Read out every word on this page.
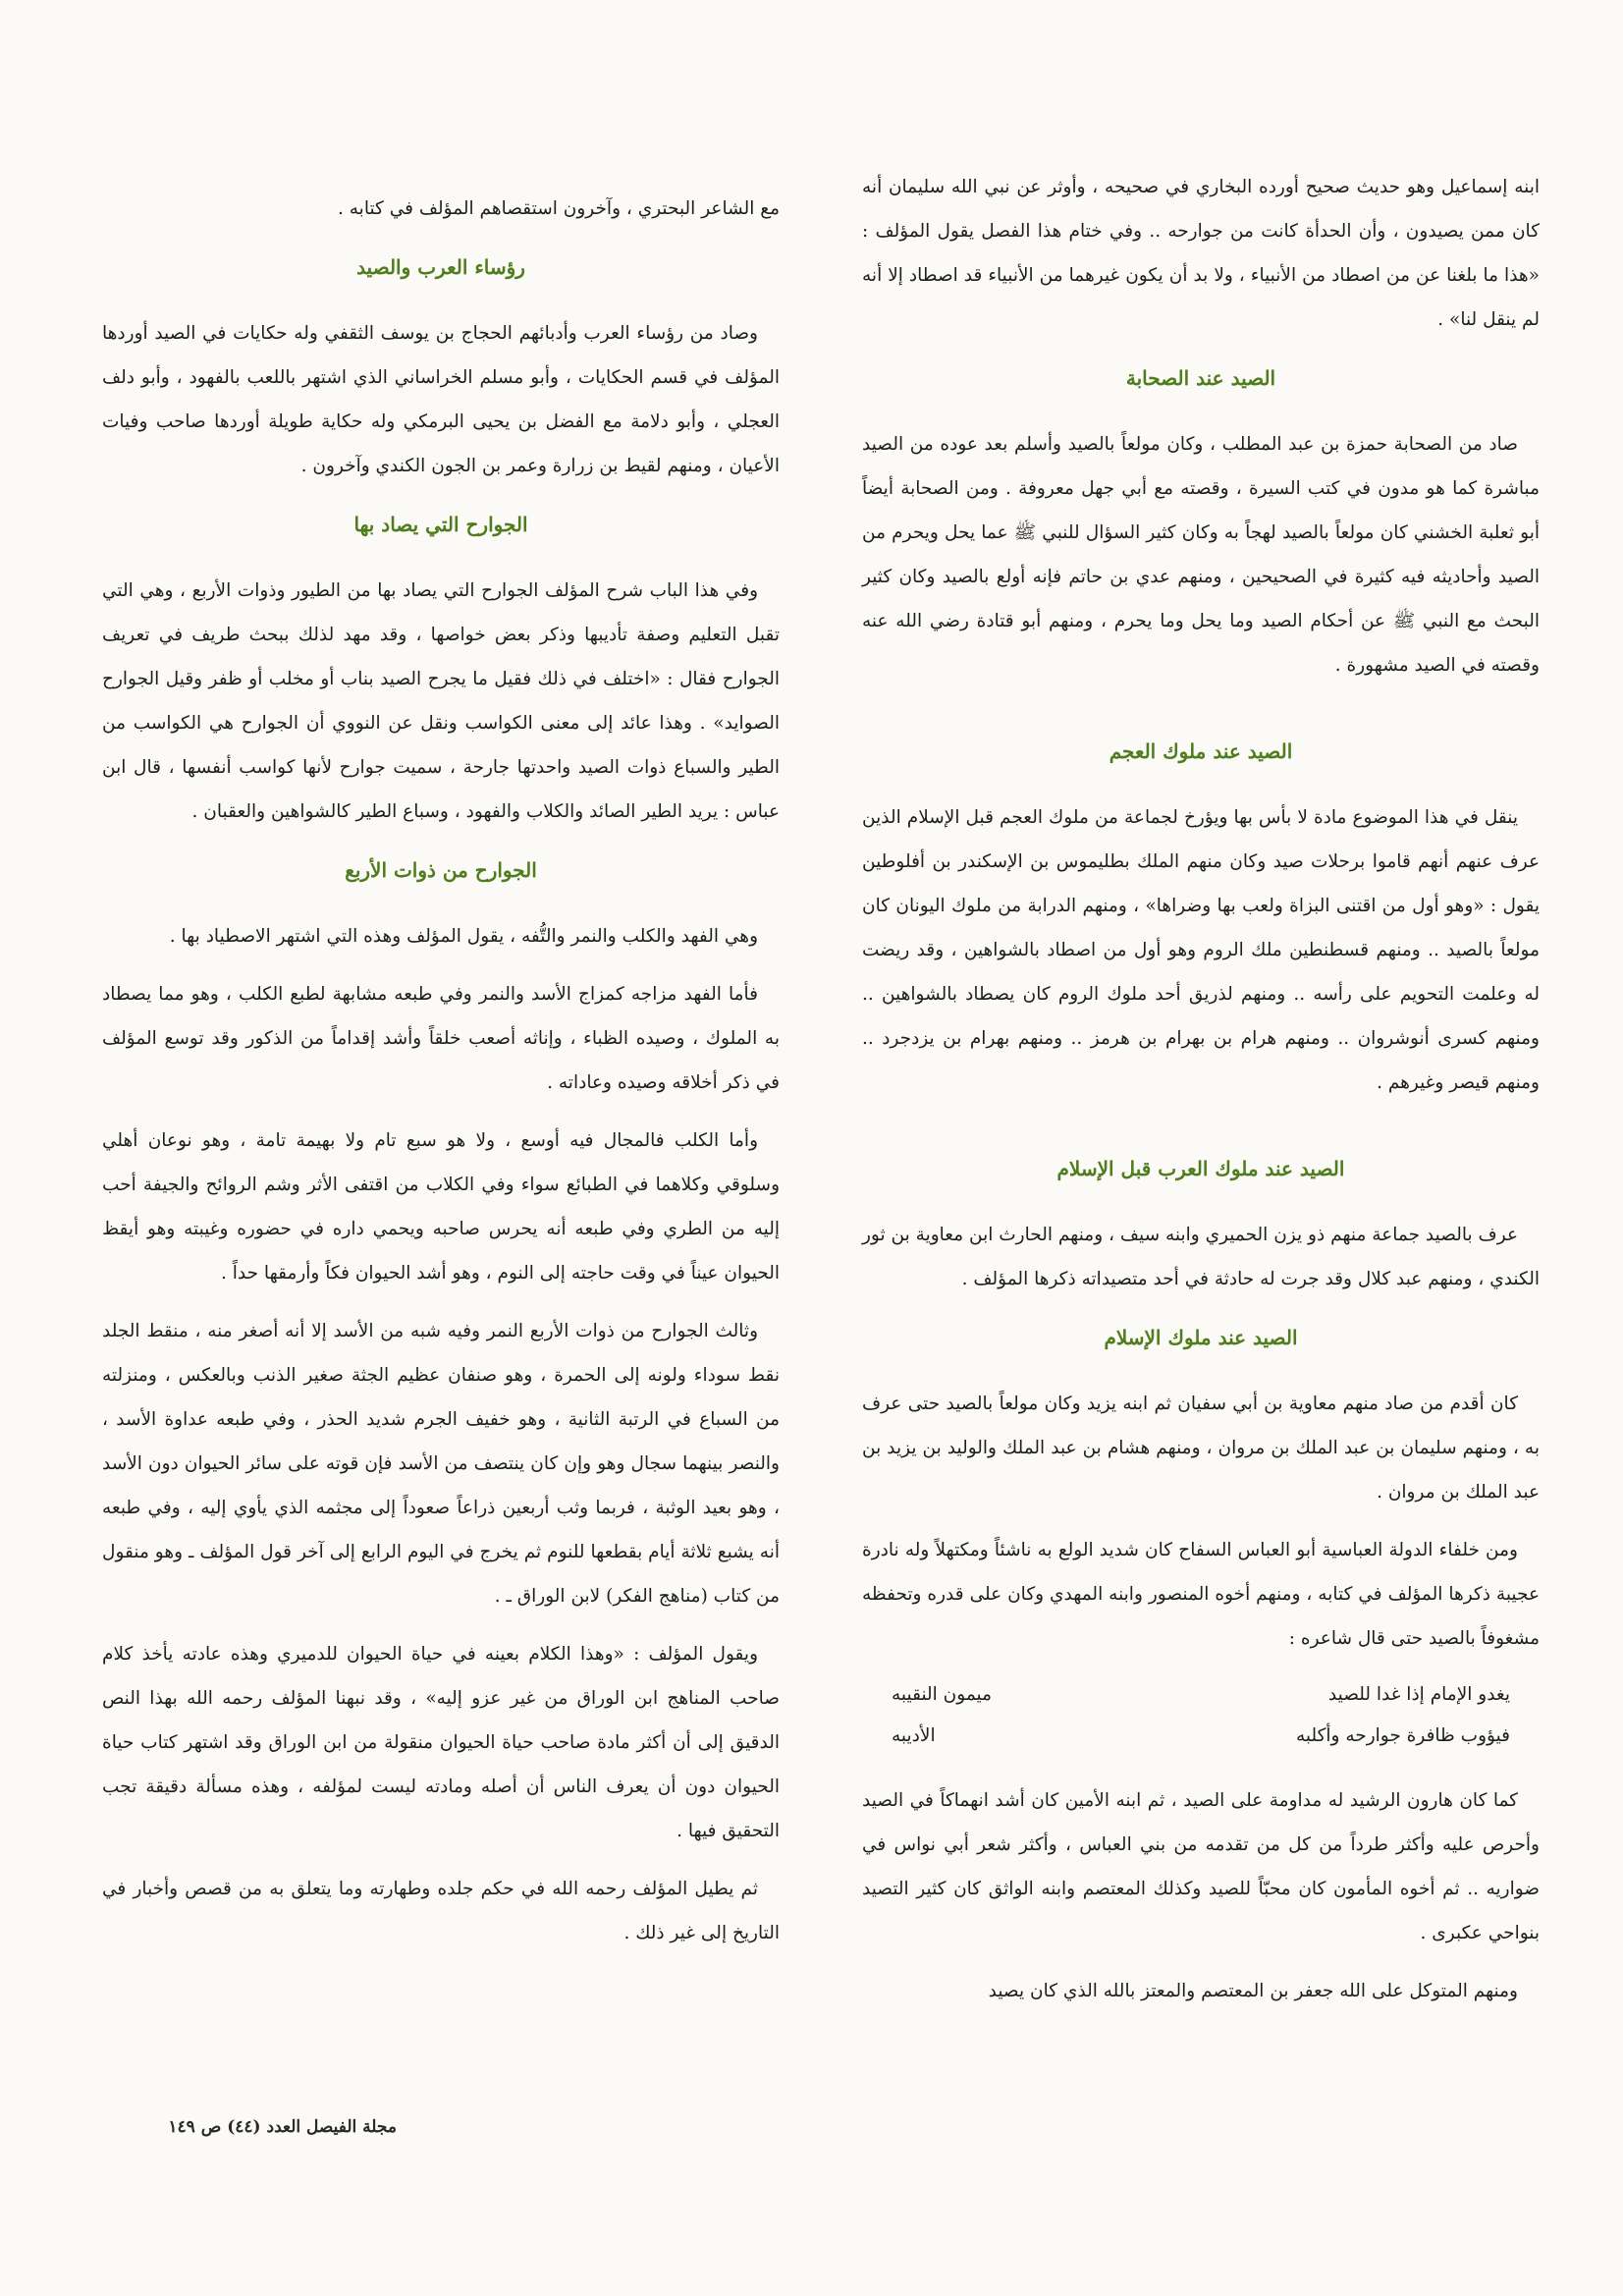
ابنه إسماعيل وهو حديث صحيح أورده البخاري في صحيحه ، وأوثر عن نبي الله سليمان أنه كان ممن يصيدون ، وأن الحدأة كانت من جوارحه .. وفي ختام هذا الفصل يقول المؤلف : «هذا ما بلغنا عن من اصطاد من الأنبياء ، ولا بد أن يكون غيرهما من الأنبياء قد اصطاد إلا أنه لم ينقل لنا» .

الصيد عند الصحابة

صاد من الصحابة حمزة بن عبد المطلب ، وكان مولعاً بالصيد وأسلم بعد عوده من الصيد مباشرة كما هو مدون في كتب السيرة ، وقصته مع أبي جهل معروفة . ومن الصحابة أيضاً أبو ثعلبة الخشني كان مولعاً بالصيد لهجاً به وكان كثير السؤال للنبي ﷺ عما يحل ويحرم من الصيد وأحاديثه فيه كثيرة في الصحيحين ، ومنهم عدي بن حاتم فإنه أولع بالصيد وكان كثير البحث مع النبي ﷺ عن أحكام الصيد وما يحل وما يحرم ، ومنهم أبو قتادة رضي الله عنه وقصته في الصيد مشهورة .

الصيد عند ملوك العجم

ينقل في هذا الموضوع مادة لا بأس بها ويؤرخ لجماعة من ملوك العجم قبل الإسلام الذين عرف عنهم أنهم قاموا برحلات صيد وكان منهم الملك بطليموس بن الإسكندر بن أفلوطين يقول : «وهو أول من اقتنى البزاة ولعب بها وضراها» ، ومنهم الدرابة من ملوك اليونان كان مولعاً بالصيد .. ومنهم قسطنطين ملك الروم وهو أول من اصطاد بالشواهين ، وقد ريضت له وعلمت التحويم على رأسه .. ومنهم لذريق أحد ملوك الروم كان يصطاد بالشواهين .. ومنهم كسرى أنوشروان .. ومنهم هرام بن بهرام بن هرمز .. ومنهم بهرام بن يزدجرد .. ومنهم قيصر وغيرهم .

الصيد عند ملوك العرب قبل الإسلام

عرف بالصيد جماعة منهم ذو يزن الحميري وابنه سيف ، ومنهم الحارث ابن معاوية بن ثور الكندي ، ومنهم عبد كلال وقد جرت له حادثة في أحد متصيداته ذكرها المؤلف .

الصيد عند ملوك الإسلام

كان أقدم من صاد منهم معاوية بن أبي سفيان ثم ابنه يزيد وكان مولعاً بالصيد حتى عرف به ، ومنهم سليمان بن عبد الملك بن مروان ، ومنهم هشام بن عبد الملك والوليد بن يزيد بن عبد الملك بن مروان .

ومن خلفاء الدولة العباسية أبو العباس السفاح كان شديد الولع به ناشئاً ومكتهلاً وله نادرة عجيبة ذكرها المؤلف في كتابه ، ومنهم أخوه المنصور وابنه المهدي وكان على قدره وتحفظه مشغوفاً بالصيد حتى قال شاعره :

يغدو الإمام إذا غدا للصيد
ميمون النقيبه
فيؤوب ظافرة جوارحه وأكلبه
الأديبه

كما كان هارون الرشيد له مداومة على الصيد ، ثم ابنه الأمين كان أشد انهماكاً في الصيد وأحرص عليه وأكثر طرداً من كل من تقدمه من بني العباس ، وأكثر شعر أبي نواس في ضواريه .. ثم أخوه المأمون كان محبّاً للصيد وكذلك المعتصم وابنه الواثق كان كثير التصيد بنواحي عكبرى .

ومنهم المتوكل على الله جعفر بن المعتصم والمعتز بالله الذي كان يصيد

مع الشاعر البحتري ، وآخرون استقصاهم المؤلف في كتابه .

رؤساء العرب والصيد

وصاد من رؤساء العرب وأدبائهم الحجاج بن يوسف الثقفي وله حكايات في الصيد أوردها المؤلف في قسم الحكايات ، وأبو مسلم الخراساني الذي اشتهر باللعب بالفهود ، وأبو دلف العجلي ، وأبو دلامة مع الفضل بن يحيى البرمكي وله حكاية طويلة أوردها صاحب وفيات الأعيان ، ومنهم لقيط بن زرارة وعمر بن الجون الكندي وآخرون .

الجوارح التي يصاد بها

وفي هذا الباب شرح المؤلف الجوارح التي يصاد بها من الطيور وذوات الأربع ، وهي التي تقبل التعليم وصفة تأديبها وذكر بعض خواصها ، وقد مهد لذلك ببحث طريف في تعريف الجوارح فقال : «اختلف في ذلك فقيل ما يجرح الصيد بناب أو مخلب أو ظفر وقيل الجوارح الصوايد» . وهذا عائد إلى معنى الكواسب ونقل عن النووي أن الجوارح هي الكواسب من الطير والسباع ذوات الصيد واحدتها جارحة ، سميت جوارح لأنها كواسب أنفسها ، قال ابن عباس : يريد الطير الصائد والكلاب والفهود ، وسباع الطير كالشواهين والعقبان .

الجوارح من ذوات الأربع

وهي الفهد والكلب والنمر والتُّفه ، يقول المؤلف وهذه التي اشتهر الاصطياد بها .

فأما الفهد مزاجه كمزاج الأسد والنمر وفي طبعه مشابهة لطبع الكلب ، وهو مما يصطاد به الملوك ، وصيده الظباء ، وإناثه أصعب خلقاً وأشد إقداماً من الذكور وقد توسع المؤلف في ذكر أخلاقه وصيده وعاداته .

وأما الكلب فالمجال فيه أوسع ، ولا هو سبع تام ولا بهيمة تامة ، وهو نوعان أهلي وسلوقي وكلاهما في الطبائع سواء وفي الكلاب من اقتفى الأثر وشم الروائح والجيفة أحب إليه من الطري وفي طبعه أنه يحرس صاحبه ويحمي داره في حضوره وغيبته وهو أيقظ الحيوان عيناً في وقت حاجته إلى النوم ، وهو أشد الحيوان فكاً وأرمقها حداً .

وثالث الجوارح من ذوات الأربع النمر وفيه شبه من الأسد إلا أنه أصغر منه ، منقط الجلد نقط سوداء ولونه إلى الحمرة ، وهو صنفان عظيم الجثة صغير الذنب وبالعكس ، ومنزلته من السباع في الرتبة الثانية ، وهو خفيف الجرم شديد الحذر ، وفي طبعه عداوة الأسد ، والنصر بينهما سجال وهو وإن كان ينتصف من الأسد فإن قوته على سائر الحيوان دون الأسد ، وهو بعيد الوثبة ، فربما وثب أربعين ذراعاً صعوداً إلى مجثمه الذي يأوي إليه ، وفي طبعه أنه يشبع ثلاثة أيام بقطعها للنوم ثم يخرج في اليوم الرابع إلى آخر قول المؤلف ـ وهو منقول من كتاب (مناهج الفكر) لابن الوراق ـ .

ويقول المؤلف : «وهذا الكلام بعينه في حياة الحيوان للدميري وهذه عادته يأخذ كلام صاحب المناهج ابن الوراق من غير عزو إليه» ، وقد نبهنا المؤلف رحمه الله بهذا النص الدقيق إلى أن أكثر مادة صاحب حياة الحيوان منقولة من ابن الوراق وقد اشتهر كتاب حياة الحيوان دون أن يعرف الناس أن أصله ومادته ليست لمؤلفه ، وهذه مسألة دقيقة تجب التحقيق فيها .

ثم يطيل المؤلف رحمه الله في حكم جلده وطهارته وما يتعلق به من قصص وأخبار في التاريخ إلى غير ذلك .

مجلة الفيصل العدد (٤٤) ص ١٤٩
